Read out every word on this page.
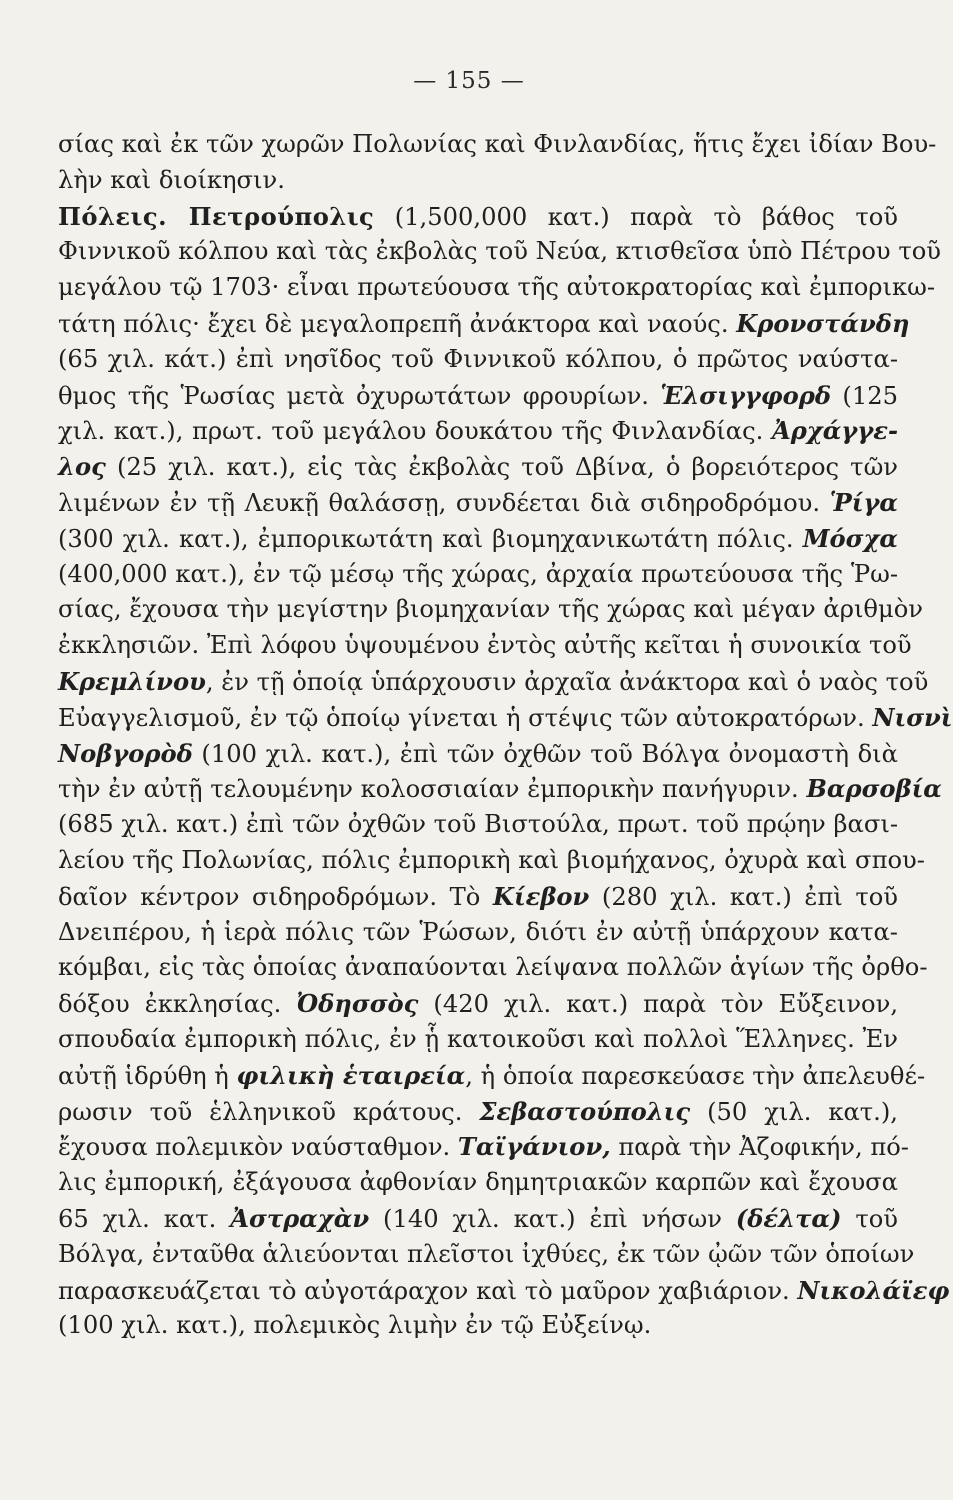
— 155 —
σίας καὶ ἐκ τῶν χωρῶν Πολωνίας καὶ Φινλανδίας, ἥτις ἔχει ἰδίαν Βου-
λὴν καὶ διοίκησιν.
Πόλεις. Πετρούπολις (1,500,000 κατ.) παρὰ τὸ βάθος τοῦ
Φιννικοῦ κόλπου καὶ τὰς ἐκβολὰς τοῦ Νεύα, κτισθεῖσα ὑπὸ Πέτρου τοῦ
μεγάλου τῷ 1703· εἶναι πρωτεύουσα τῆς αὐτοκρατορίας καὶ ἐμπορικω-
τάτη πόλις· ἔχει δὲ μεγαλοπρεπῆ ἀνάκτορα καὶ ναούς. Κρονστάνδη
(65 χιλ. κάτ.) ἐπὶ νησῖδος τοῦ Φιννικοῦ κόλπου, ὁ πρῶτος ναύστα-
θμος τῆς Ῥωσίας μετὰ ὀχυρωτάτων φρουρίων. Ἑλσιγγφορδ (125
χιλ. κατ.), πρωτ. τοῦ μεγάλου δουκάτου τῆς Φινλανδίας. Ἀρχάγγε-
λος (25 χιλ. κατ.), εἰς τὰς ἐκβολὰς τοῦ Δβίνα, ὁ βορειότερος τῶν
λιμένων ἐν τῇ Λευκῇ θαλάσσῃ, συνδέεται διὰ σιδηροδρόμου. Ῥίγα
(300 χιλ. κατ.), ἐμπορικωτάτη καὶ βιομηχανικωτάτη πόλις. Μόσχα
(400,000 κατ.), ἐν τῷ μέσῳ τῆς χώρας, ἀρχαία πρωτεύουσα τῆς Ῥω-
σίας, ἔχουσα τὴν μεγίστην βιομηχανίαν τῆς χώρας καὶ μέγαν ἀριθμὸν
ἐκκλησιῶν. Ἐπὶ λόφου ὑψουμένου ἐντὸς αὐτῆς κεῖται ἡ συνοικία τοῦ
Κρεμλίνου, ἐν τῇ ὁποίᾳ ὑπάρχουσιν ἀρχαῖα ἀνάκτορα καὶ ὁ ναὸς τοῦ
Εὐαγγελισμοῦ, ἐν τῷ ὁποίῳ γίνεται ἡ στέψις τῶν αὐτοκρατόρων. Νισνὶ
Νοβγορὸδ (100 χιλ. κατ.), ἐπὶ τῶν ὀχθῶν τοῦ Βόλγα ὀνομαστὴ διὰ
τὴν ἐν αὐτῇ τελουμένην κολοσσιαίαν ἐμπορικὴν πανήγυριν. Βαρσοβία
(685 χιλ. κατ.) ἐπὶ τῶν ὀχθῶν τοῦ Βιστούλα, πρωτ. τοῦ πρῴην βασι-
λείου τῆς Πολωνίας, πόλις ἐμπορικὴ καὶ βιομήχανος, ὀχυρὰ καὶ σπου-
δαῖον κέντρον σιδηροδρόμων. Τὸ Κίεβον (280 χιλ. κατ.) ἐπὶ τοῦ
Δνειπέρου, ἡ ἱερὰ πόλις τῶν Ῥώσων, διότι ἐν αὐτῇ ὑπάρχουν κατα-
κόμβαι, εἰς τὰς ὁποίας ἀναπαύονται λείψανα πολλῶν ἁγίων τῆς ὀρθο-
δόξου ἐκκλησίας. Ὀδησσὸς (420 χιλ. κατ.) παρὰ τὸν Εὔξεινον,
σπουδαία ἐμπορικὴ πόλις, ἐν ᾗ κατοικοῦσι καὶ πολλοὶ Ἕλληνες. Ἐν
αὐτῇ ἱδρύθη ἡ φιλικὴ ἑταιρεία, ἡ ὁποία παρεσκεύασε τὴν ἀπελευθέ-
ρωσιν τοῦ ἑλληνικοῦ κράτους. Σεβαστούπολις (50 χιλ. κατ.),
ἔχουσα πολεμικὸν ναύσταθμον. Ταϊγάνιον, παρὰ τὴν Ἀζοφικήν, πό-
λις ἐμπορική, ἐξάγουσα ἀφθονίαν δημητριακῶν καρπῶν καὶ ἔχουσα
65 χιλ. κατ. Ἀστραχὰν (140 χιλ. κατ.) ἐπὶ νήσων (δέλτα) τοῦ
Βόλγα, ἐνταῦθα ἁλιεύονται πλεῖστοι ἰχθύες, ἐκ τῶν ᾠῶν τῶν ὁποίων
παρασκευάζεται τὸ αὐγοτάραχον καὶ τὸ μαῦρον χαβιάριον. Νικολάϊεφ
(100 χιλ. κατ.), πολεμικὸς λιμὴν ἐν τῷ Εὐξείνῳ.
